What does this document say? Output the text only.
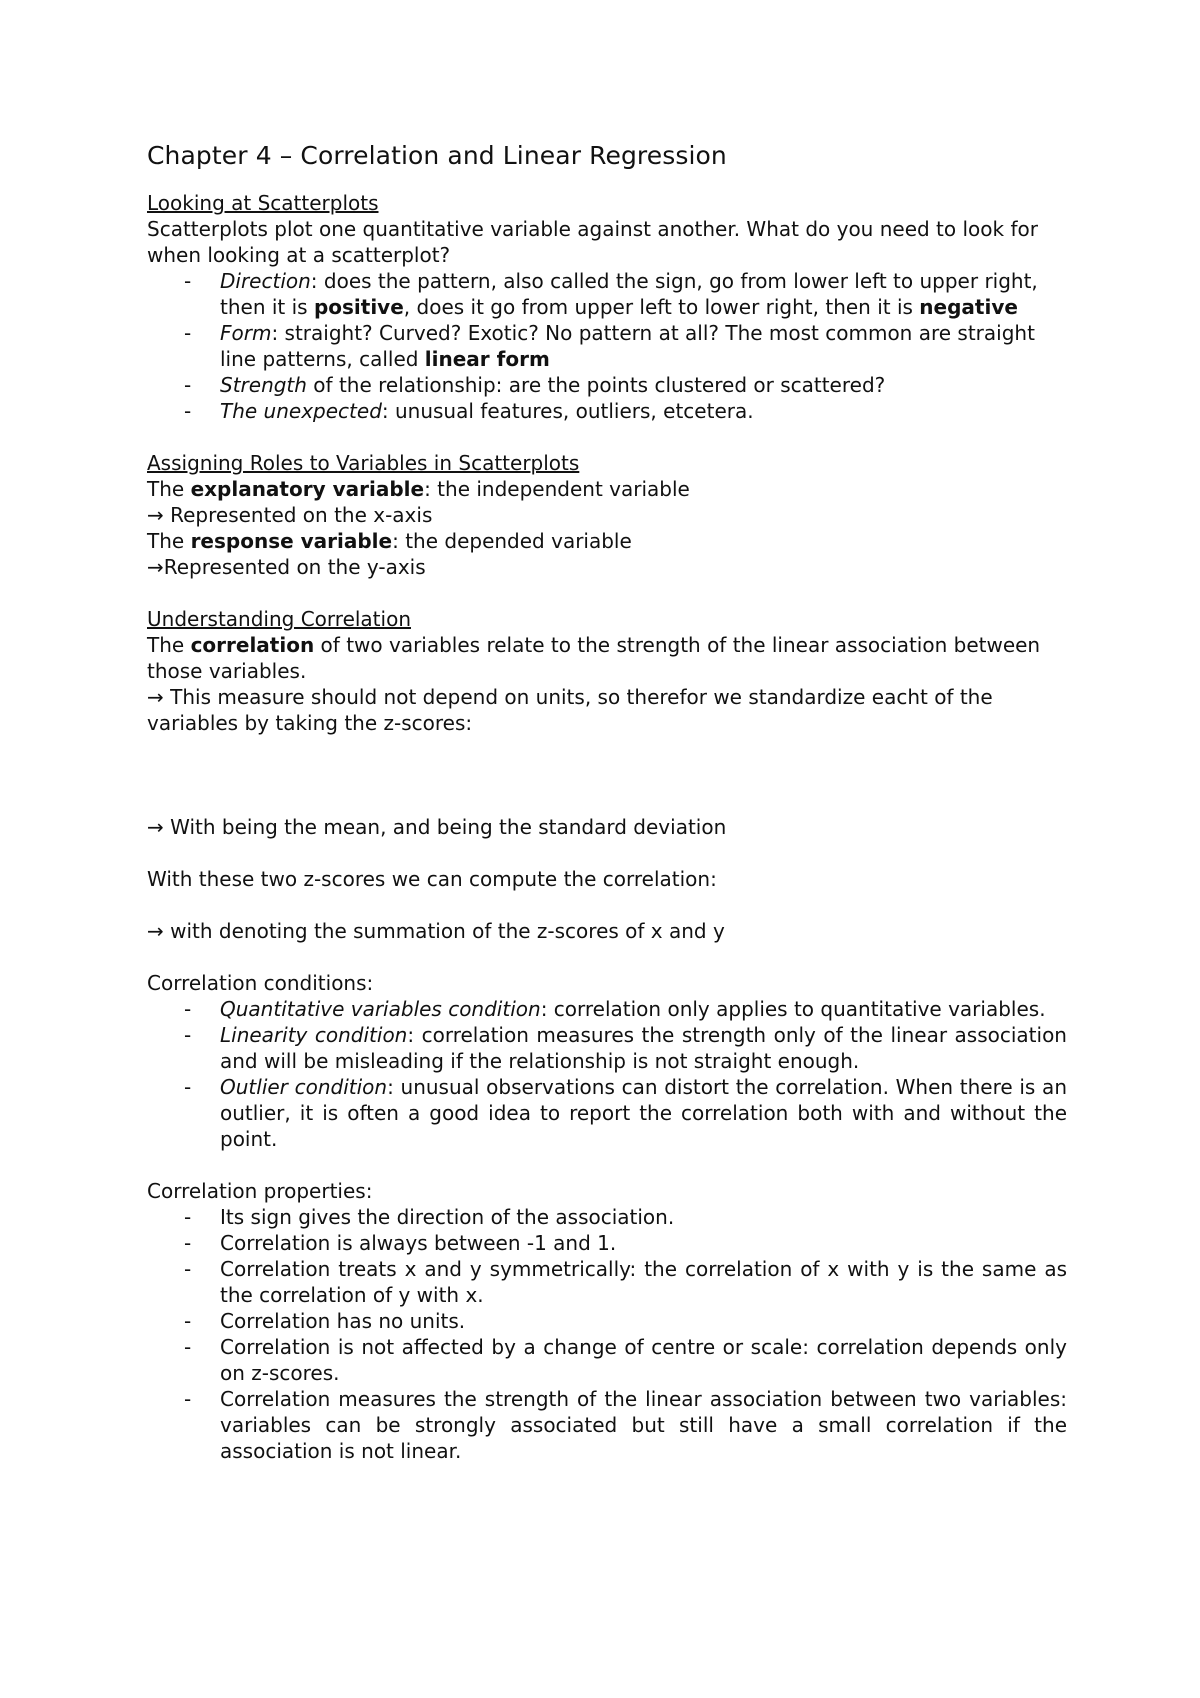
Chapter 4 – Correlation and Linear Regression

Looking at Scatterplots

Scatterplots plot one quantitative variable against another. What do you need to look for when looking at a scatterplot?

- Direction: does the pattern, also called the sign, go from lower left to upper right, then it is positive, does it go from upper left to lower right, then it is negative
- Form: straight? Curved? Exotic? No pattern at all? The most common are straight line patterns, called linear form
- Strength of the relationship: are the points clustered or scattered?
- The unexpected: unusual features, outliers, etcetera.

Assigning Roles to Variables in Scatterplots

The explanatory variable: the independent variable

→ Represented on the x-axis

The response variable: the depended variable

→Represented on the y-axis

Understanding Correlation

The correlation of two variables relate to the strength of the linear association between those variables.

→ This measure should not depend on units, so therefor we standardize eacht of the variables by taking the z-scores:

→ With being the mean, and being the standard deviation

With these two z-scores we can compute the correlation:

→ with denoting the summation of the z-scores of x and y

Correlation conditions:

- Quantitative variables condition: correlation only applies to quantitative variables.
- Linearity condition: correlation measures the strength only of the linear association and will be misleading if the relationship is not straight enough.
- Outlier condition: unusual observations can distort the correlation. When there is an outlier, it is often a good idea to report the correlation both with and without the point.

Correlation properties:

- Its sign gives the direction of the association.
- Correlation is always between -1 and 1.
- Correlation treats x and y symmetrically: the correlation of x with y is the same as the correlation of y with x.
- Correlation has no units.
- Correlation is not affected by a change of centre or scale: correlation depends only on z-scores.
- Correlation measures the strength of the linear association between two variables: variables can be strongly associated but still have a small correlation if the association is not linear.
